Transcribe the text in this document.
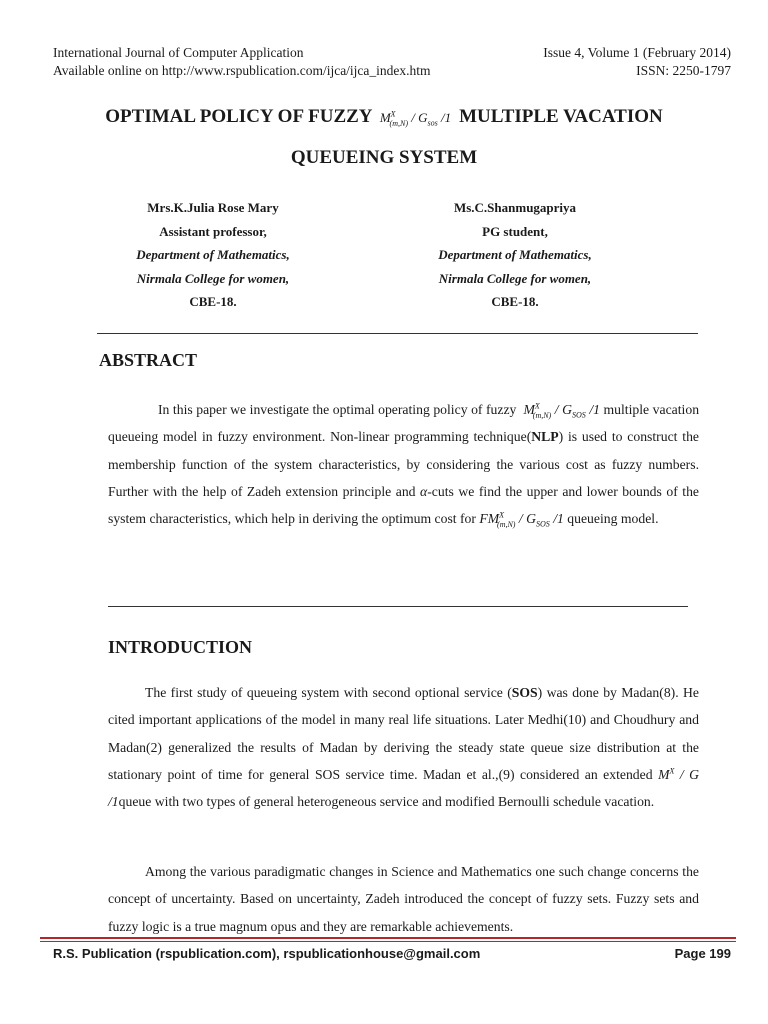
International Journal of Computer Application
Available online on http://www.rspublication.com/ijca/ijca_index.htm
Issue 4, Volume 1 (February 2014)
ISSN: 2250-1797
OPTIMAL POLICY OF FUZZY  $M^X_{(m,N)} / G_{sos}$ /1  MULTIPLE VACATION
QUEUEING SYSTEM
Mrs.K.Julia Rose Mary
Assistant professor,
Department of Mathematics,
Nirmala College for women,
CBE-18.
Ms.C.Shanmugapriya
PG student,
Department of Mathematics,
Nirmala College for women,
CBE-18.
ABSTRACT
In this paper we investigate the optimal operating policy of fuzzy  $M^X_{(m,N)} / G_{SOS}$ /1 multiple vacation queueing model in fuzzy environment. Non-linear programming technique(NLP) is used to construct the membership function of the system characteristics, by considering the various cost as fuzzy numbers. Further with the help of Zadeh extension principle and α-cuts we find the upper and lower bounds of the system characteristics, which help in deriving the optimum cost for $FM^X_{(m,N)} / G_{SOS}$ /1 queueing model.
INTRODUCTION
The first study of queueing system with second optional service (SOS) was done by Madan(8). He cited important applications of the model in many real life situations. Later Medhi(10) and Choudhury and Madan(2) generalized the results of Madan by deriving the steady state queue size distribution at the stationary point of time for general SOS service time. Madan et al.,(9) considered an extended $M^X$ / G /1queue with two types of general heterogeneous service and modified Bernoulli schedule vacation.
Among the various paradigmatic changes in Science and Mathematics one such change concerns the concept of uncertainty. Based on uncertainty, Zadeh introduced the concept of fuzzy sets. Fuzzy sets and fuzzy logic is a true magnum opus and they are remarkable achievements.
R.S. Publication (rspublication.com), rspublicationhouse@gmail.com	Page 199
